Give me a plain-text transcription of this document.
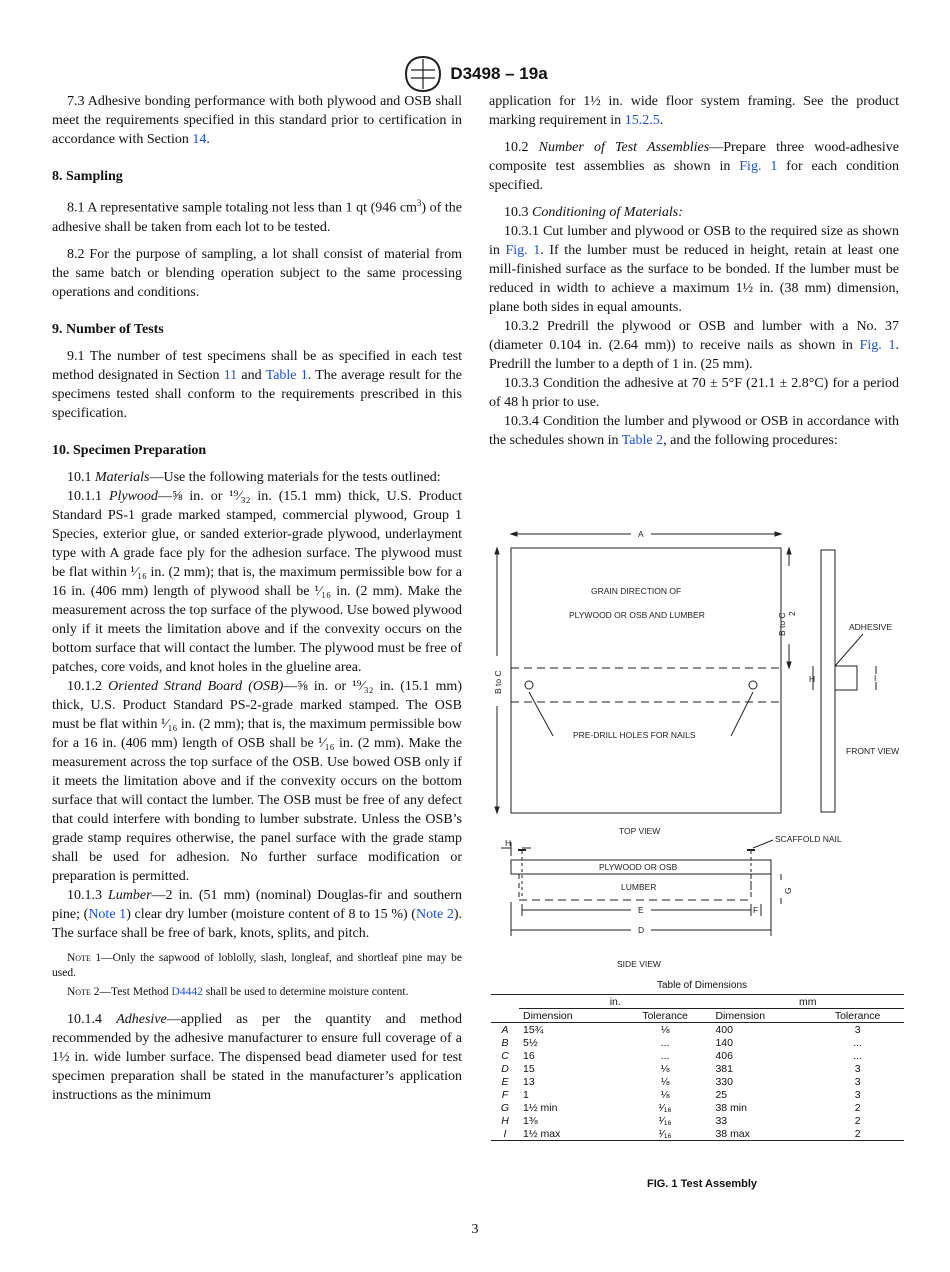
D3498 – 19a

7.3 Adhesive bonding performance with both plywood and OSB shall meet the requirements specified in this standard prior to certification in accordance with Section 14.

8. Sampling

8.1 A representative sample totaling not less than 1 qt (946 $cm^3$) of the adhesive shall be taken from each lot to be tested.

8.2 For the purpose of sampling, a lot shall consist of material from the same batch or blending operation subject to the same processing operations and conditions.

9. Number of Tests

9.1 The number of test specimens shall be as specified in each test method designated in Section 11 and Table 1. The average result for the specimens tested shall conform to the requirements prescribed in this specification.

10. Specimen Preparation

10.1 Materials—Use the following materials for the tests outlined:

10.1.1 Plywood—⅝ in. or ¹⁹⁄₃₂ in. (15.1 mm) thick, U.S. Product Standard PS-1 grade marked stamped, commercial plywood, Group 1 Species, exterior glue, or sanded exterior-grade plywood, underlayment type with A grade face ply for the adhesion surface. The plywood must be flat within ¹⁄₁₆ in. (2 mm); that is, the maximum permissible bow for a 16 in. (406 mm) length of plywood shall be ¹⁄₁₆ in. (2 mm). Make the measurement across the top surface of the plywood. Use bowed plywood only if it meets the limitation above and if the convexity occurs on the bottom surface that will contact the lumber. The plywood must be free of patches, core voids, and knot holes in the glueline area.

10.1.2 Oriented Strand Board (OSB)—⅝ in. or ¹⁹⁄₃₂ in. (15.1 mm) thick, U.S. Product Standard PS-2-grade marked stamped. The OSB must be flat within ¹⁄₁₆ in. (2 mm); that is, the maximum permissible bow for a 16 in. (406 mm) length of OSB shall be ¹⁄₁₆ in. (2 mm). Make the measurement across the top surface of the OSB. Use bowed OSB only if it meets the limitation above and if the convexity occurs on the bottom surface that will contact the lumber. The OSB must be free of any defect that could interfere with bonding to lumber substrate. Unless the OSB’s grade stamp requires otherwise, the panel surface with the grade stamp shall be used for adhesion. No further surface modification or preparation is permitted.

10.1.3 Lumber—2 in. (51 mm) (nominal) Douglas-fir and southern pine; (Note 1) clear dry lumber (moisture content of 8 to 15 %) (Note 2). The surface shall be free of bark, knots, splits, and pitch.

Note 1—Only the sapwood of loblolly, slash, longleaf, and shortleaf pine may be used.
Note 2—Test Method D4442 shall be used to determine moisture content.

10.1.4 Adhesive—applied as per the quantity and method recommended by the adhesive manufacturer to ensure full coverage of a 1½ in. wide lumber surface. The dispensed bead diameter used for test specimen preparation shall be stated in the manufacturer’s application instructions as the minimum

application for 1½ in. wide floor system framing. See the product marking requirement in 15.2.5.

10.2 Number of Test Assemblies—Prepare three wood-adhesive composite test assemblies as shown in Fig. 1 for each condition specified.

10.3 Conditioning of Materials:

10.3.1 Cut lumber and plywood or OSB to the required size as shown in Fig. 1. If the lumber must be reduced in height, retain at least one mill-finished surface as the surface to be bonded. If the lumber must be reduced in width to achieve a maximum 1½ in. (38 mm) dimension, plane both sides in equal amounts.

10.3.2 Predrill the plywood or OSB and lumber with a No. 37 (diameter 0.104 in. (2.64 mm)) to receive nails as shown in Fig. 1. Predrill the lumber to a depth of 1 in. (25 mm).

10.3.3 Condition the adhesive at 70 ± 5°F (21.1 ± 2.8°C) for a period of 48 h prior to use.

10.3.4 Condition the lumber and plywood or OSB in accordance with the schedules shown in Table 2, and the following procedures:

A
GRAIN DIRECTION OF
PLYWOOD OR OSB AND LUMBER
B to C
B to C 2
PRE-DRILL HOLES FOR NAILS
TOP VIEW
ADHESIVE
H	I
FRONT VIEW
SCAFFOLD NAIL
H
PLYWOOD OR OSB
LUMBER
E	F
G
D
SIDE VIEW
Table of Dimensions
	in.		mm	
	Dimension	Tolerance	Dimension	Tolerance
A	15¾	⅛	400	3
B	5½	...	140	...
C	16	...	406	...
D	15	⅛	381	3
E	13	⅛	330	3
F	1	⅛	25	3
G	1½ min	¹⁄₁₆	38 min	2
H	1⅜	¹⁄₁₆	33	2
I	1½ max	¹⁄₁₆	38 max	2
FIG. 1 Test Assembly
3
